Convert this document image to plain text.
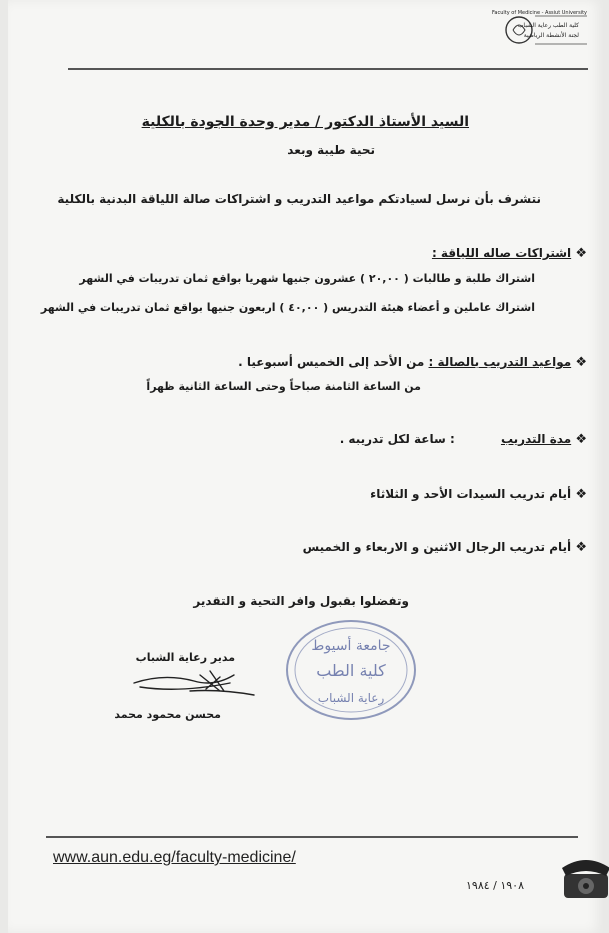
Faculty of Medicine - Assiut University
كلية الطب رعاية الشباب
لجنة الأنشطة الرياضية
السيد الأستاذ الدكتور / مدير وحدة الجودة بالكلية
تحية طيبة وبعد
نتشرف بأن نرسل لسيادتكم مواعيد التدريب و اشتراكات صالة اللياقة البدنية بالكلية
❖ اشتراكات صاله اللياقة :
اشتراك طلبة و طالبات ( ٢٠,٠٠ ) عشرون جنيها شهريا بواقع ثمان تدريبات في الشهر
اشتراك عاملين و أعضاء هيئة التدريس ( ٤٠,٠٠ ) اربعون جنيها بواقع ثمان تدريبات في الشهر
❖ مواعيد التدريب بالصالة : من الأحد إلى الخميس أسبوعيا .
من الساعة الثامنة صباحاً وحتى الساعة الثانية ظهراً
❖ مدة التدريب : ساعة لكل تدريبه .
❖ أيام تدريب السيدات الأحد و الثلاثاء
❖ أيام تدريب الرجال الاثنين و الاربعاء و الخميس
وتفضلوا بقبول وافر التحية و التقدير
جامعة أسيوط
كلية الطب
رعاية الشباب
مدير رعاية الشباب
محسن محمود محمد
www.aun.edu.eg/faculty-medicine/
١٩٠٨ / ١٩٨٤
